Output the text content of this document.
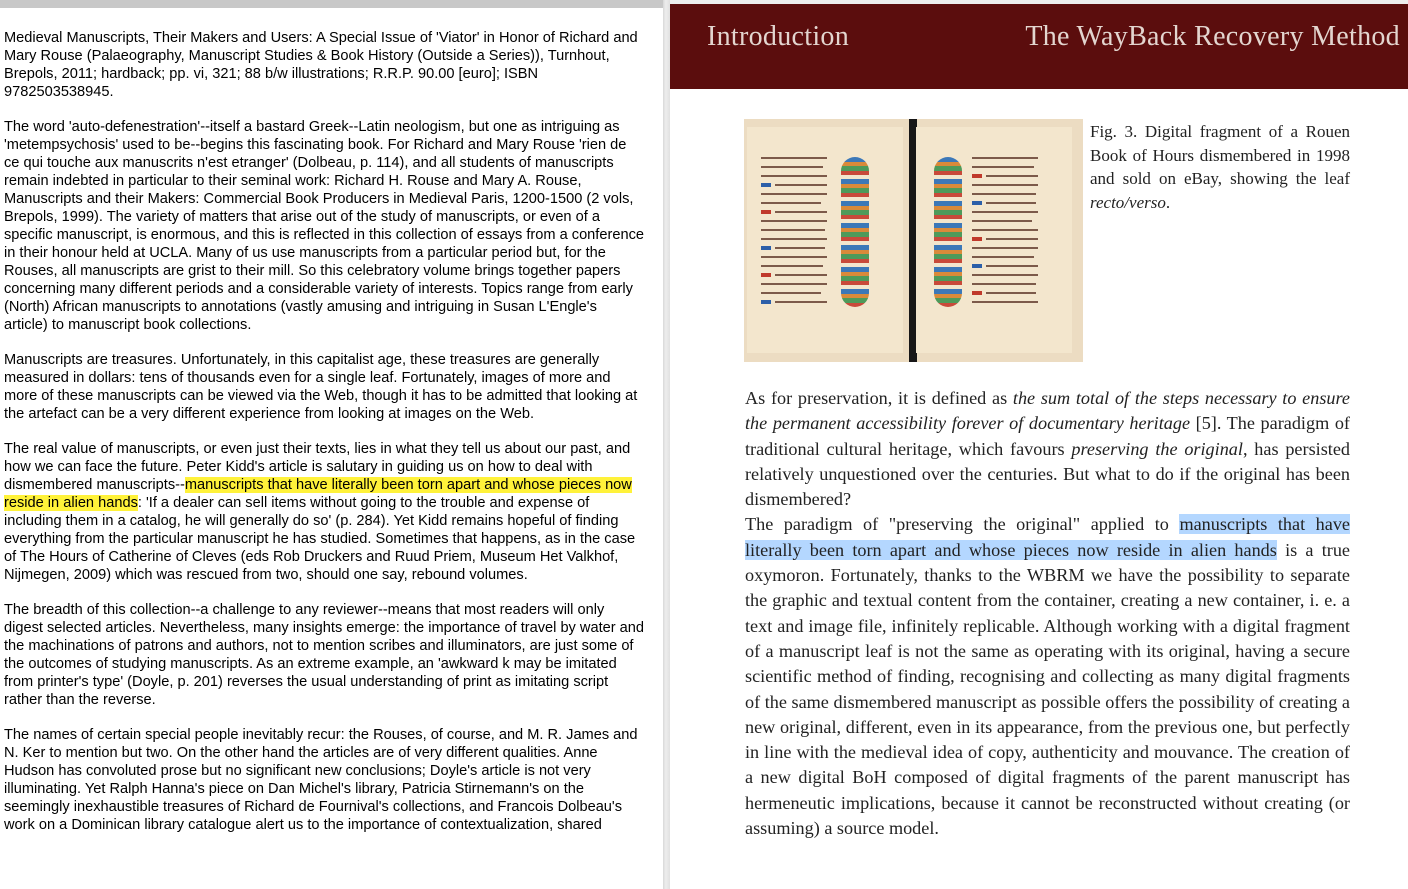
Medieval Manuscripts, Their Makers and Users: A Special Issue of 'Viator' in Honor of Richard and Mary Rouse (Palaeography, Manuscript Studies & Book History (Outside a Series)), Turnhout, Brepols, 2011; hardback; pp. vi, 321; 88 b/w illustrations; R.R.P. 90.00 [euro]; ISBN 9782503538945.

The word 'auto-defenestration'--itself a bastard Greek--Latin neologism, but one as intriguing as 'metempsychosis' used to be--begins this fascinating book. For Richard and Mary Rouse 'rien de ce qui touche aux manuscrits n'est etranger' (Dolbeau, p. 114), and all students of manuscripts remain indebted in particular to their seminal work: Richard H. Rouse and Mary A. Rouse, Manuscripts and their Makers: Commercial Book Producers in Medieval Paris, 1200-1500 (2 vols, Brepols, 1999). The variety of matters that arise out of the study of manuscripts, or even of a specific manuscript, is enormous, and this is reflected in this collection of essays from a conference in their honour held at UCLA. Many of us use manuscripts from a particular period but, for the Rouses, all manuscripts are grist to their mill. So this celebratory volume brings together papers concerning many different periods and a considerable variety of interests. Topics range from early (North) African manuscripts to annotations (vastly amusing and intriguing in Susan L'Engle's article) to manuscript book collections.

Manuscripts are treasures. Unfortunately, in this capitalist age, these treasures are generally measured in dollars: tens of thousands even for a single leaf. Fortunately, images of more and more of these manuscripts can be viewed via the Web, though it has to be admitted that looking at the artefact can be a very different experience from looking at images on the Web.

The real value of manuscripts, or even just their texts, lies in what they tell us about our past, and how we can face the future. Peter Kidd's article is salutary in guiding us on how to deal with dismembered manuscripts--manuscripts that have literally been torn apart and whose pieces now reside in alien hands: 'If a dealer can sell items without going to the trouble and expense of including them in a catalog, he will generally do so' (p. 284). Yet Kidd remains hopeful of finding everything from the particular manuscript he has studied. Sometimes that happens, as in the case of The Hours of Catherine of Cleves (eds Rob Druckers and Ruud Priem, Museum Het Valkhof, Nijmegen, 2009) which was rescued from two, should one say, rebound volumes.

The breadth of this collection--a challenge to any reviewer--means that most readers will only digest selected articles. Nevertheless, many insights emerge: the importance of travel by water and the machinations of patrons and authors, not to mention scribes and illuminators, are just some of the outcomes of studying manuscripts. As an extreme example, an 'awkward k may be imitated from printer's type' (Doyle, p. 201) reverses the usual understanding of print as imitating script rather than the reverse.

The names of certain special people inevitably recur: the Rouses, of course, and M. R. James and N. Ker to mention but two. On the other hand the articles are of very different qualities. Anne Hudson has convoluted prose but no significant new conclusions; Doyle's article is not very illuminating. Yet Ralph Hanna's piece on Dan Michel's library, Patricia Stirnemann's on the seemingly inexhaustible treasures of Richard de Fournival's collections, and Francois Dolbeau's work on a Dominican library catalogue alert us to the importance of contextualization, shared

Introduction	The WayBack Recovery Method
Fig. 3. Digital fragment of a Rouen Book of Hours dismembered in 1998 and sold on eBay, showing the leaf recto/verso.

As for preservation, it is defined as the sum total of the steps necessary to ensure the permanent accessibility forever of documentary heritage [5]. The paradigm of traditional cultural heritage, which favours preserving the original, has persisted relatively unquestioned over the centuries. But what to do if the original has been dismembered?

The paradigm of "preserving the original" applied to manuscripts that have literally been torn apart and whose pieces now reside in alien hands is a true oxymoron. Fortunately, thanks to the WBRM we have the possibility to separate the graphic and textual content from the container, creating a new container, i. e. a text and image file, infinitely replicable. Although working with a digital fragment of a manuscript leaf is not the same as operating with its original, having a secure scientific method of finding, recognising and collecting as many digital fragments of the same dismembered manuscript as possible offers the possibility of creating a new original, different, even in its appearance, from the previous one, but perfectly in line with the medieval idea of copy, authenticity and mouvance. The creation of a new digital BoH composed of digital fragments of the parent manuscript has hermeneutic implications, because it cannot be reconstructed without creating (or assuming) a source model.
